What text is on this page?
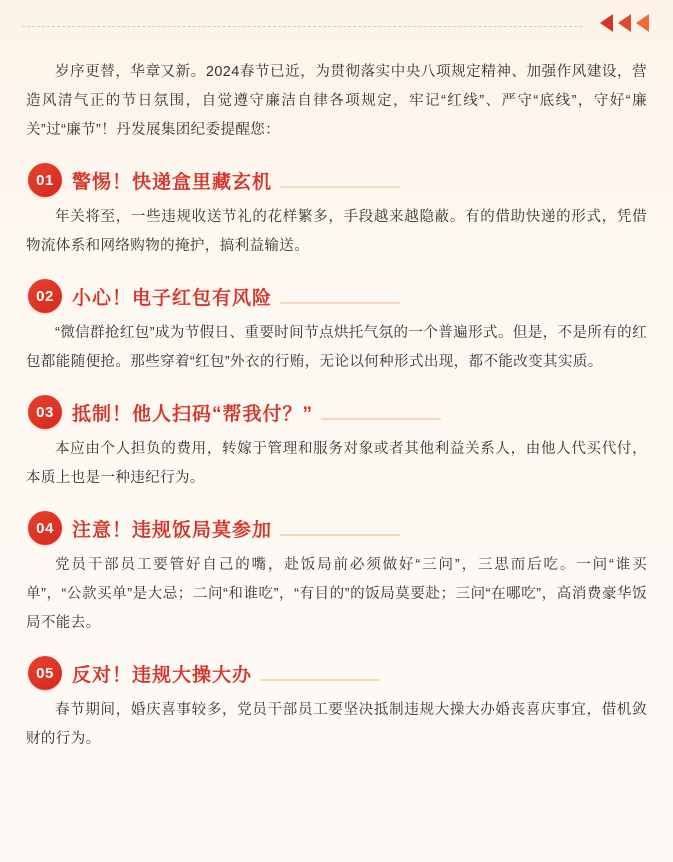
岁序更替，华章又新。2024春节已近，为贯彻落实中央八项规定精神、加强作风建设，营造风清气正的节日氛围，自觉遵守廉洁自律各项规定，牢记“红线”、严守“底线”，守好“廉关”过“廉节”！丹发展集团纪委提醒您：

01 警惕！快递盒里藏玄机

年关将至，一些违规收送节礼的花样繁多，手段越来越隐蔽。有的借助快递的形式，凭借物流体系和网络购物的掩护，搞利益输送。

02 小心！电子红包有风险

“微信群抢红包”成为节假日、重要时间节点烘托气氛的一个普遍形式。但是，不是所有的红包都能随便抢。那些穿着“红包”外衣的行贿，无论以何种形式出现，都不能改变其实质。

03 抵制！他人扫码“帮我付？”

本应由个人担负的费用，转嫁于管理和服务对象或者其他利益关系人，由他人代买代付，本质上也是一种违纪行为。

04 注意！违规饭局莫参加

党员干部员工要管好自己的嘴，赴饭局前必须做好“三问”，三思而后吃。一问“谁买单”，“公款买单”是大忌；二问“和谁吃”，“有目的”的饭局莫要赴；三问“在哪吃”，高消费豪华饭局不能去。

05 反对！违规大操大办

春节期间，婚庆喜事较多，党员干部员工要坚决抵制违规大操大办婚丧喜庆事宜，借机敛财的行为。
